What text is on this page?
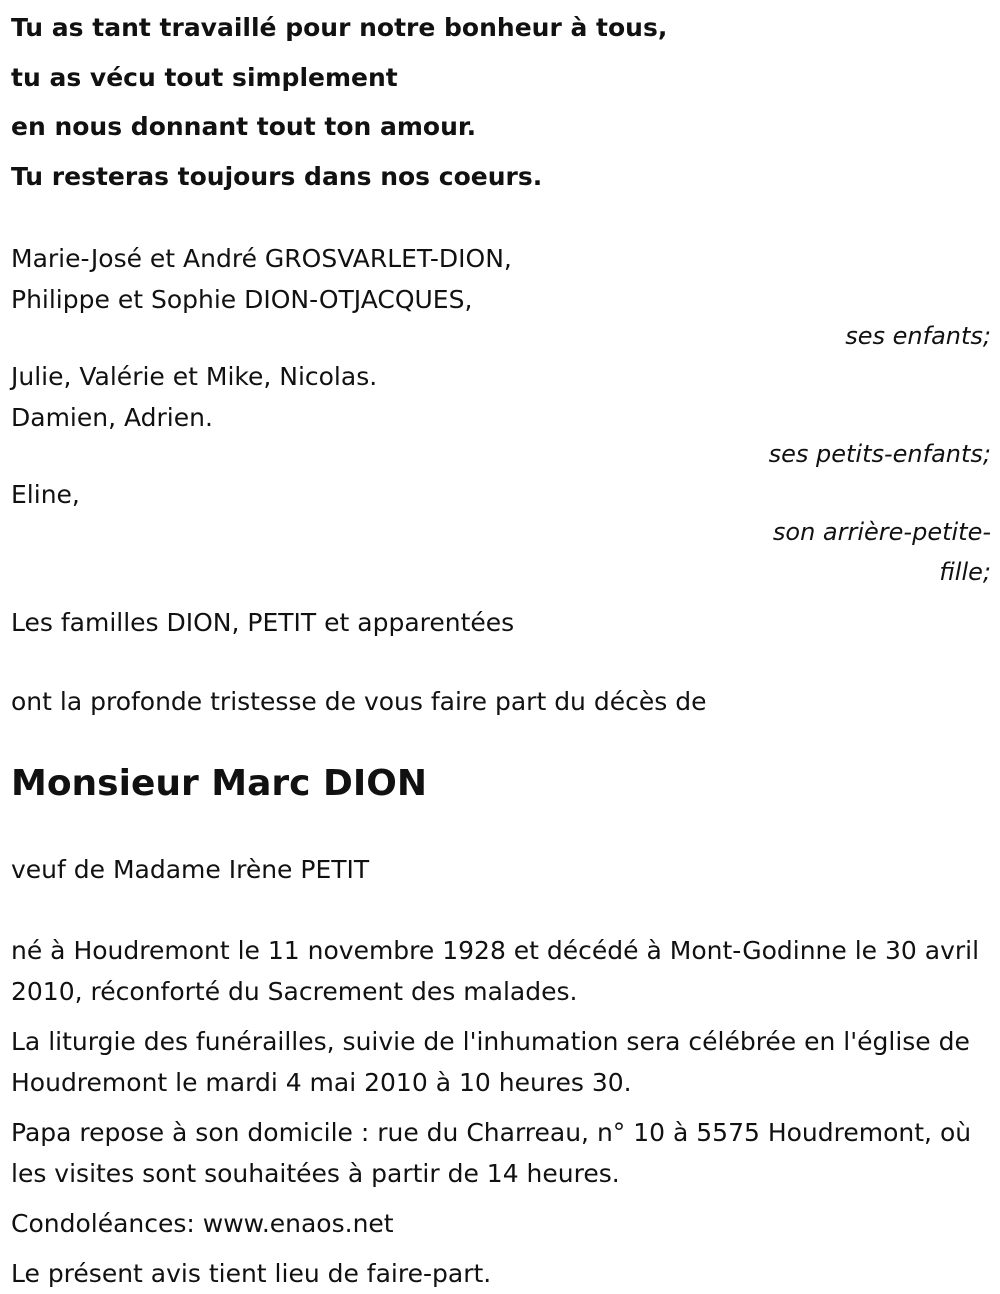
Tu as tant travaillé pour notre bonheur à tous,
tu as vécu tout simplement
en nous donnant tout ton amour.
Tu resteras toujours dans nos coeurs.

Marie-José et André GROSVARLET-DION,

Philippe et Sophie DION-OTJACQUES,

ses enfants;

Julie, Valérie et Mike, Nicolas.

Damien, Adrien.

ses petits-enfants;

Eline,

son arrière-petite-fille;

Les familles DION, PETIT et apparentées

ont la profonde tristesse de vous faire part du décès de

Monsieur Marc DION

veuf de Madame Irène PETIT

né à Houdremont le 11 novembre 1928 et décédé à Mont-Godinne le 30 avril 2010, réconforté du Sacrement des malades.

La liturgie des funérailles, suivie de l'inhumation sera célébrée en l'église de Houdremont le mardi 4 mai 2010 à 10 heures 30.

Papa repose à son domicile : rue du Charreau, n° 10 à 5575 Houdremont, où les visites sont souhaitées à partir de 14 heures.

Condoléances: www.enaos.net

Le présent avis tient lieu de faire-part.
